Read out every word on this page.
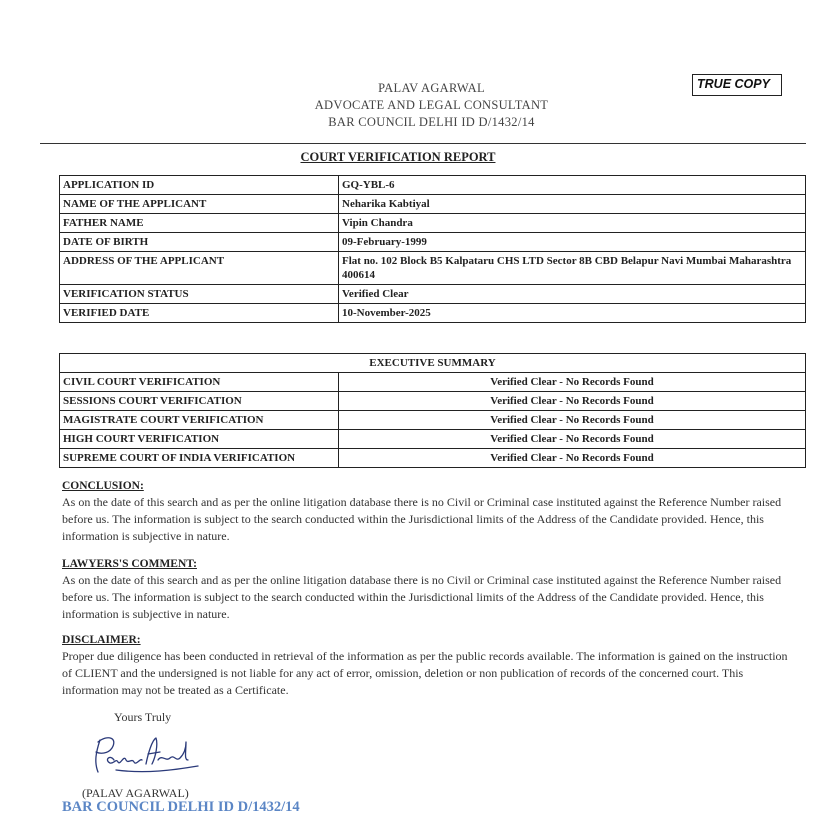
TRUE COPY
PALAV AGARWAL
ADVOCATE AND LEGAL CONSULTANT
BAR COUNCIL DELHI ID D/1432/14
COURT VERIFICATION REPORT
APPLICATION ID	GQ-YBL-6
NAME OF THE APPLICANT	Neharika Kabtiyal
FATHER NAME	Vipin Chandra
DATE OF BIRTH	09-February-1999
ADDRESS OF THE APPLICANT	Flat no. 102 Block B5 Kalpataru CHS LTD Sector 8B CBD Belapur Navi Mumbai Maharashtra 400614
VERIFICATION STATUS	Verified Clear
VERIFIED DATE	10-November-2025
EXECUTIVE SUMMARY	
CIVIL COURT VERIFICATION	Verified Clear - No Records Found
SESSIONS COURT VERIFICATION	Verified Clear - No Records Found
MAGISTRATE COURT VERIFICATION	Verified Clear - No Records Found
HIGH COURT VERIFICATION	Verified Clear - No Records Found
SUPREME COURT OF INDIA VERIFICATION	Verified Clear - No Records Found
CONCLUSION:
As on the date of this search and as per the online litigation database there is no Civil or Criminal case instituted against the Reference Number raised before us. The information is subject to the search conducted within the Jurisdictional limits of the Address of the Candidate provided. Hence, this information is subjective in nature.
LAWYERS'S COMMENT:
As on the date of this search and as per the online litigation database there is no Civil or Criminal case instituted against the Reference Number raised before us. The information is subject to the search conducted within the Jurisdictional limits of the Address of the Candidate provided. Hence, this information is subjective in nature.
DISCLAIMER:
Proper due diligence has been conducted in retrieval of the information as per the public records available. The information is gained on the instruction of CLIENT and the undersigned is not liable for any act of error, omission, deletion or non publication of records of the concerned court. This information may not be treated as a Certificate.
Yours Truly
(PALAV AGARWAL)
BAR COUNCIL DELHI ID D/1432/14
